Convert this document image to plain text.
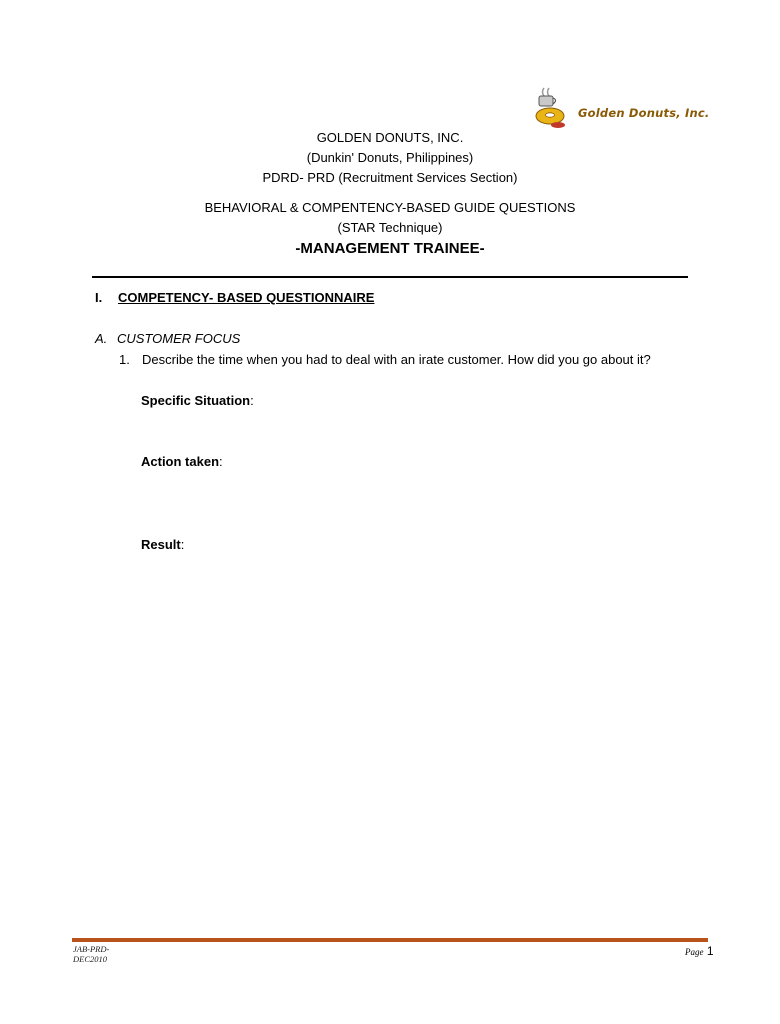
Golden Donuts, Inc.
GOLDEN DONUTS, INC.
(Dunkin' Donuts, Philippines)
PDRD- PRD (Recruitment Services Section)
BEHAVIORAL & COMPENTENCY-BASED GUIDE QUESTIONS
(STAR Technique)
-MANAGEMENT TRAINEE-
I. COMPETENCY- BASED QUESTIONNAIRE
A. CUSTOMER FOCUS
1. Describe the time when you had to deal with an irate customer. How did you go about it?
Specific Situation:
Action taken:
Result:
JAB-PRD-DEC2010
Page 1
